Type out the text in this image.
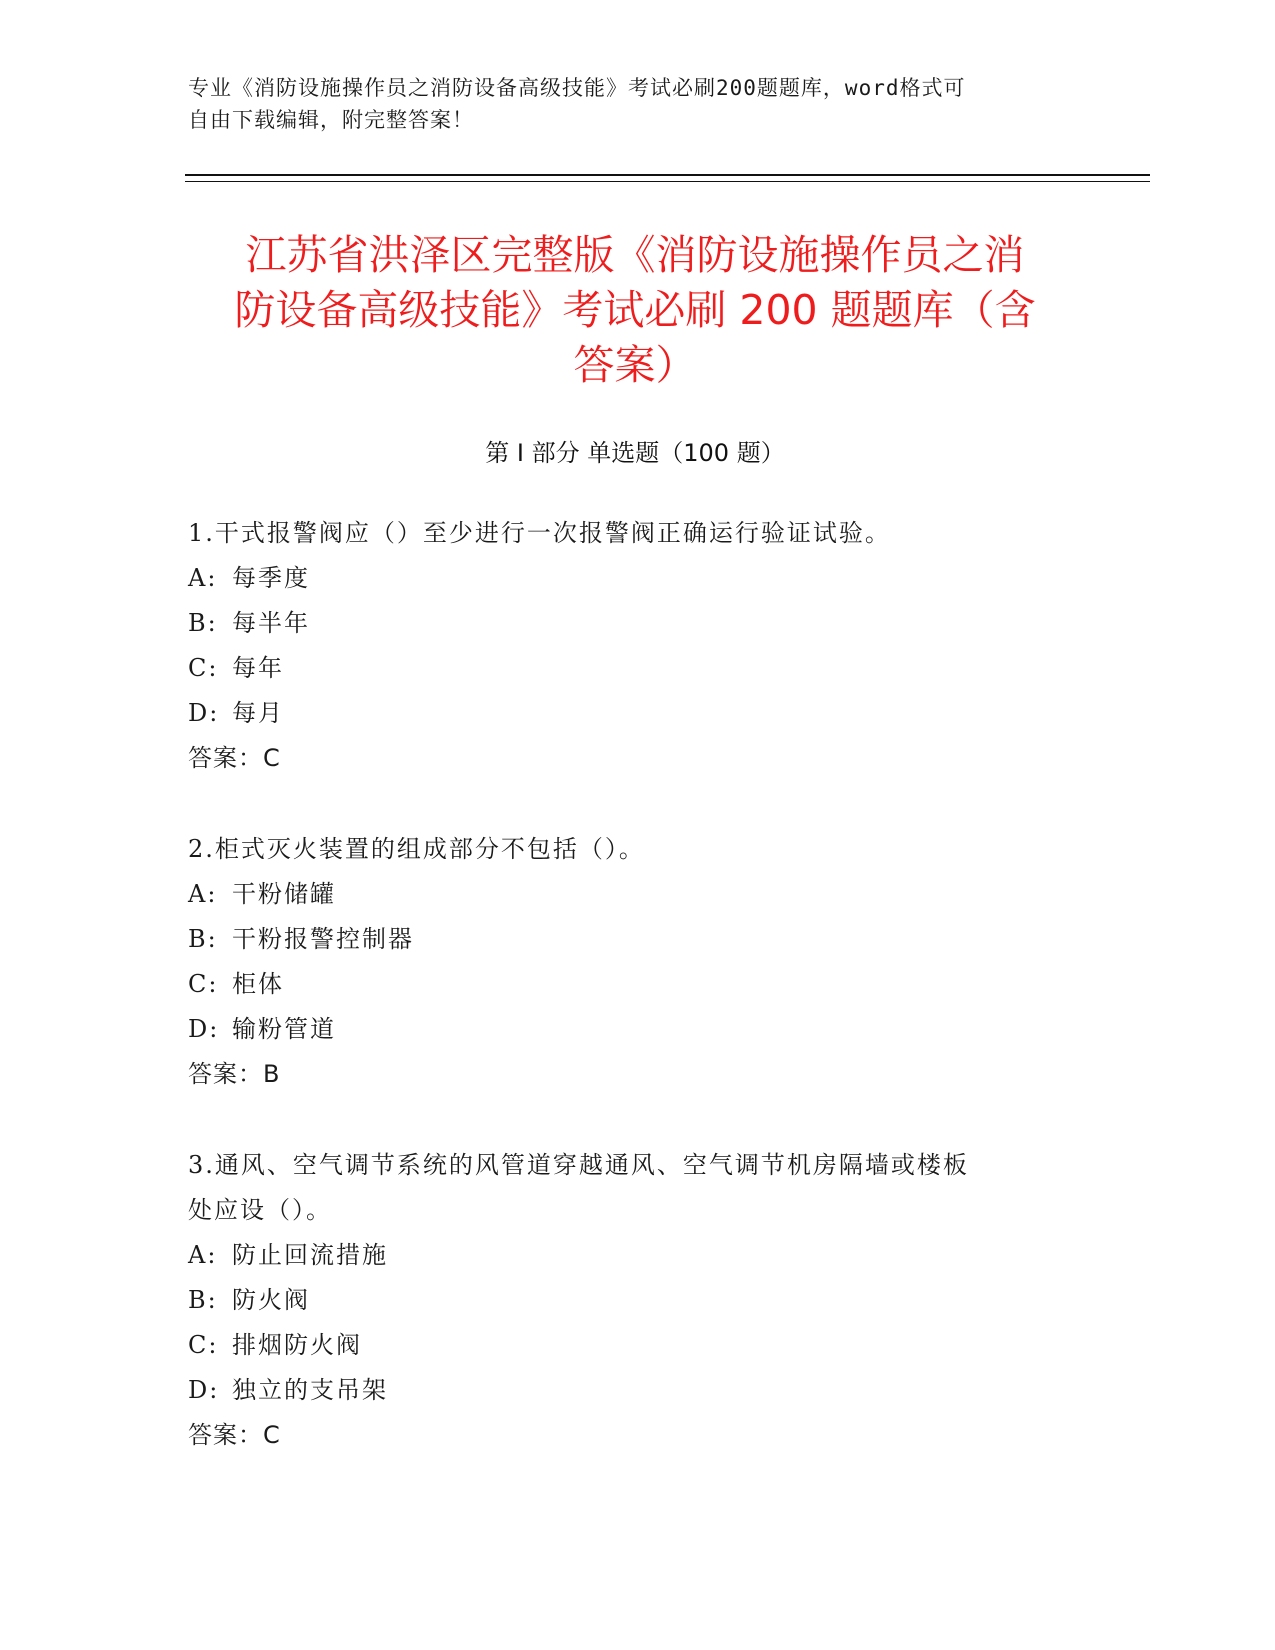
专业《消防设施操作员之消防设备高级技能》考试必刷200题题库，word格式可
自由下载编辑，附完整答案！
江苏省洪泽区完整版《消防设施操作员之消
防设备高级技能》考试必刷 200 题题库（含
答案）
第 I 部分 单选题（100 题）
1.干式报警阀应（）至少进行一次报警阀正确运行验证试验。
A: 每季度
B: 每半年
C: 每年
D: 每月
答案：C
2.柜式灭火装置的组成部分不包括（）。
A: 干粉储罐
B: 干粉报警控制器
C: 柜体
D: 输粉管道
答案：B
3.通风、空气调节系统的风管道穿越通风、空气调节机房隔墙或楼板
处应设（）。
A: 防止回流措施
B: 防火阀
C: 排烟防火阀
D: 独立的支吊架
答案：C
